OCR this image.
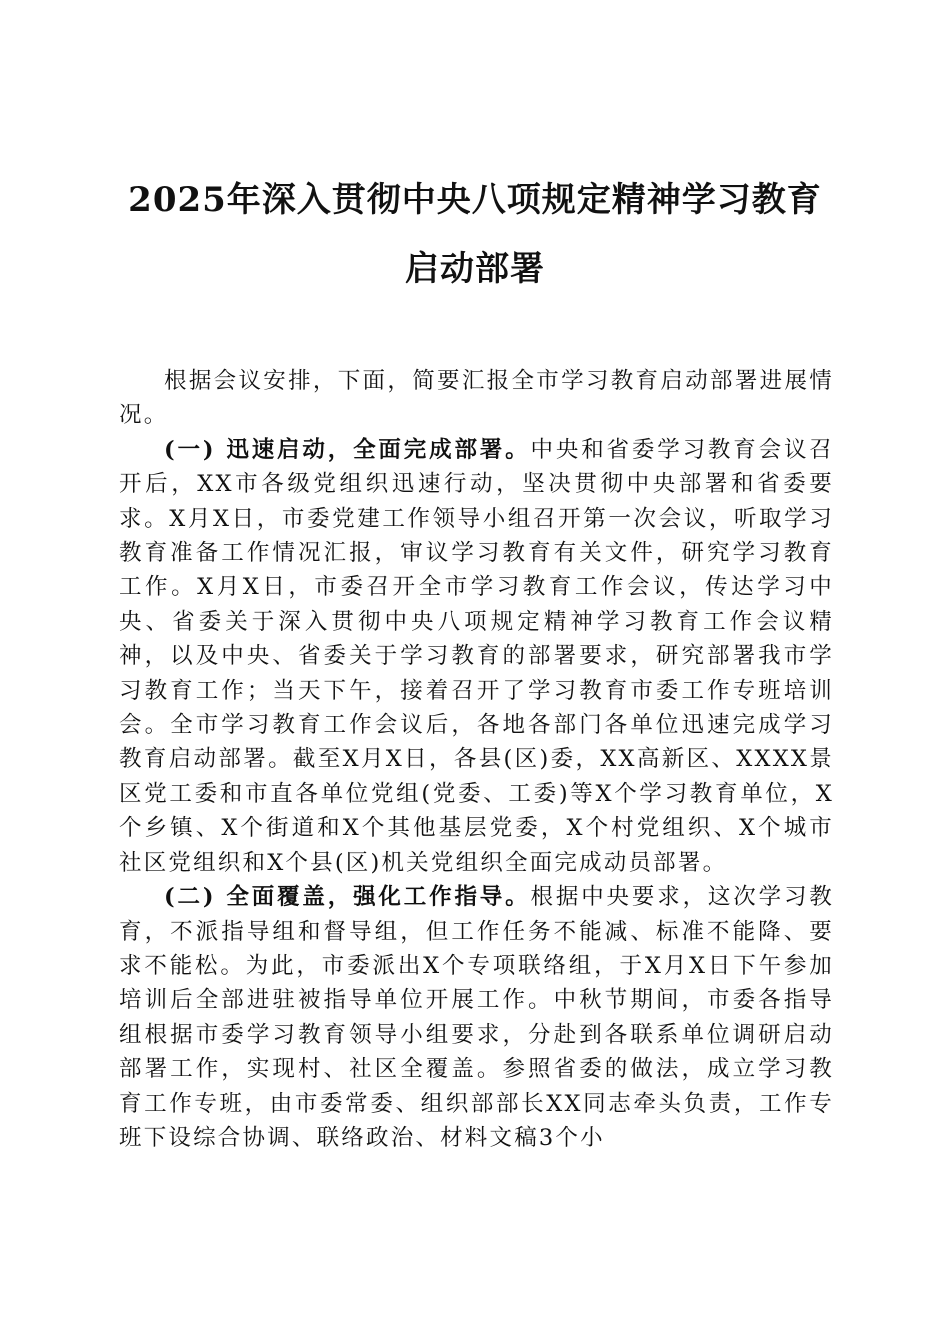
2025年深入贯彻中央八项规定精神学习教育
启动部署

根据会议安排，下面，简要汇报全市学习教育启动部署进展情况。

(一) 迅速启动，全面完成部署。中央和省委学习教育会议召开后，XX市各级党组织迅速行动，坚决贯彻中央部署和省委要求。X月X日，市委党建工作领导小组召开第一次会议，听取学习教育准备工作情况汇报，审议学习教育有关文件，研究学习教育工作。X月X日，市委召开全市学习教育工作会议，传达学习中央、省委关于深入贯彻中央八项规定精神学习教育工作会议精神，以及中央、省委关于学习教育的部署要求，研究部署我市学习教育工作；当天下午，接着召开了学习教育市委工作专班培训会。全市学习教育工作会议后，各地各部门各单位迅速完成学习教育启动部署。截至X月X日，各县(区)委，XX高新区、XXXX景区党工委和市直各单位党组(党委、工委)等X个学习教育单位，X个乡镇、X个街道和X个其他基层党委，X个村党组织、X个城市社区党组织和X个县(区)机关党组织全面完成动员部署。

(二) 全面覆盖，强化工作指导。根据中央要求，这次学习教育，不派指导组和督导组，但工作任务不能减、标准不能降、要求不能松。为此，市委派出X个专项联络组，于X月X日下午参加培训后全部进驻被指导单位开展工作。中秋节期间，市委各指导组根据市委学习教育领导小组要求，分赴到各联系单位调研启动部署工作，实现村、社区全覆盖。参照省委的做法，成立学习教育工作专班，由市委常委、组织部部长XX同志牵头负责，工作专班下设综合协调、联络政治、材料文稿3个小
